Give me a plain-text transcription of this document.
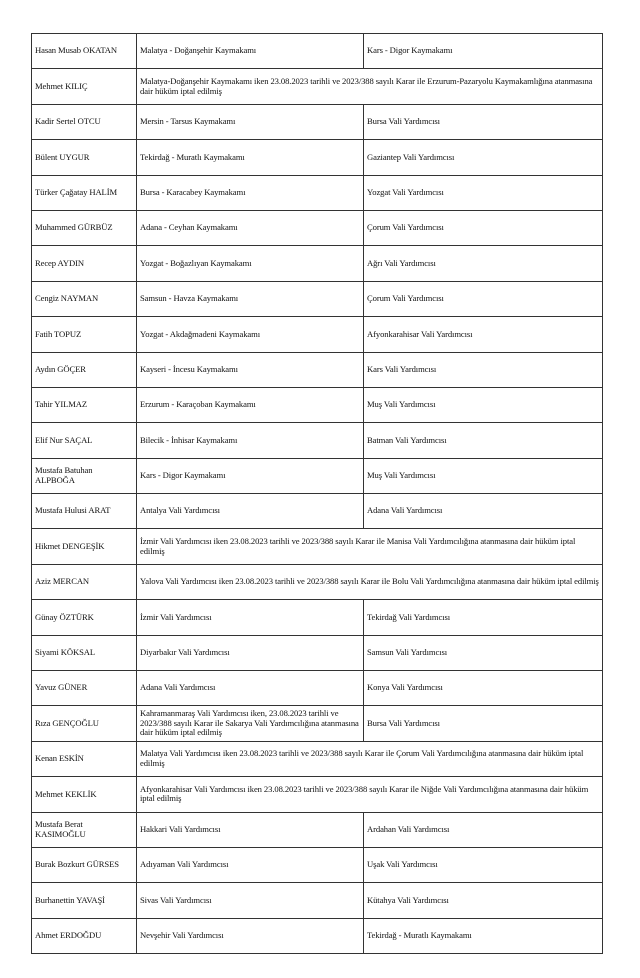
Hasan Musab OKATAN	Malatya - Doğanşehir Kaymakamı	Kars - Digor Kaymakamı
Mehmet KILIÇ	Malatya-Doğanşehir Kaymakamı iken 23.08.2023 tarihli ve 2023/388 sayılı Karar ile Erzurum-Pazaryolu Kaymakamlığına atanmasına dair hüküm iptal edilmiş	
Kadir Sertel OTCU	Mersin - Tarsus Kaymakamı	Bursa Vali Yardımcısı
Bülent UYGUR	Tekirdağ - Muratlı Kaymakamı	Gaziantep Vali Yardımcısı
Türker Çağatay HALİM	Bursa - Karacabey Kaymakamı	Yozgat Vali Yardımcısı
Muhammed GÜRBÜZ	Adana - Ceyhan Kaymakamı	Çorum Vali Yardımcısı
Recep AYDIN	Yozgat - Boğazlıyan Kaymakamı	Ağrı Vali Yardımcısı
Cengiz NAYMAN	Samsun - Havza Kaymakamı	Çorum Vali Yardımcısı
Fatih TOPUZ	Yozgat - Akdağmadeni Kaymakamı	Afyonkarahisar Vali Yardımcısı
Aydın GÖÇER	Kayseri - İncesu Kaymakamı	Kars Vali Yardımcısı
Tahir YILMAZ	Erzurum - Karaçoban Kaymakamı	Muş Vali Yardımcısı
Elif Nur SAÇAL	Bilecik - İnhisar Kaymakamı	Batman Vali Yardımcısı
Mustafa Batuhan ALPBOĞA	Kars - Digor Kaymakamı	Muş Vali Yardımcısı
Mustafa Hulusi ARAT	Antalya Vali Yardımcısı	Adana Vali Yardımcısı
Hikmet DENGEŞİK	İzmir Vali Yardımcısı iken 23.08.2023 tarihli ve 2023/388 sayılı Karar ile Manisa Vali Yardımcılığına atanmasına dair hüküm iptal edilmiş	
Aziz MERCAN	Yalova Vali Yardımcısı iken 23.08.2023 tarihli ve 2023/388 sayılı Karar ile Bolu Vali Yardımcılığına atanmasına dair hüküm iptal edilmiş	
Günay ÖZTÜRK	İzmir Vali Yardımcısı	Tekirdağ Vali Yardımcısı
Siyami KÖKSAL	Diyarbakır Vali Yardımcısı	Samsun Vali Yardımcısı
Yavuz GÜNER	Adana Vali Yardımcısı	Konya Vali Yardımcısı
Rıza GENÇOĞLU	Kahramanmaraş Vali Yardımcısı iken, 23.08.2023 tarihli ve 2023/388 sayılı Karar ile Sakarya Vali Yardımcılığına atanmasına dair hüküm iptal edilmiş	Bursa Vali Yardımcısı
Kenan ESKİN	Malatya Vali Yardımcısı iken 23.08.2023 tarihli ve 2023/388 sayılı Karar ile Çorum Vali Yardımcılığına atanmasına dair hüküm iptal edilmiş	
Mehmet KEKLİK	Afyonkarahisar Vali Yardımcısı iken 23.08.2023 tarihli ve 2023/388 sayılı Karar ile Niğde Vali Yardımcılığına atanmasına dair hüküm iptal edilmiş	
Mustafa Berat KASIMOĞLU	Hakkari Vali Yardımcısı	Ardahan Vali Yardımcısı
Burak Bozkurt GÜRSES	Adıyaman Vali Yardımcısı	Uşak Vali Yardımcısı
Burhanettin YAVAŞİ	Sivas Vali Yardımcısı	Kütahya Vali Yardımcısı
Ahmet ERDOĞDU	Nevşehir Vali Yardımcısı	Tekirdağ - Muratlı Kaymakamı
